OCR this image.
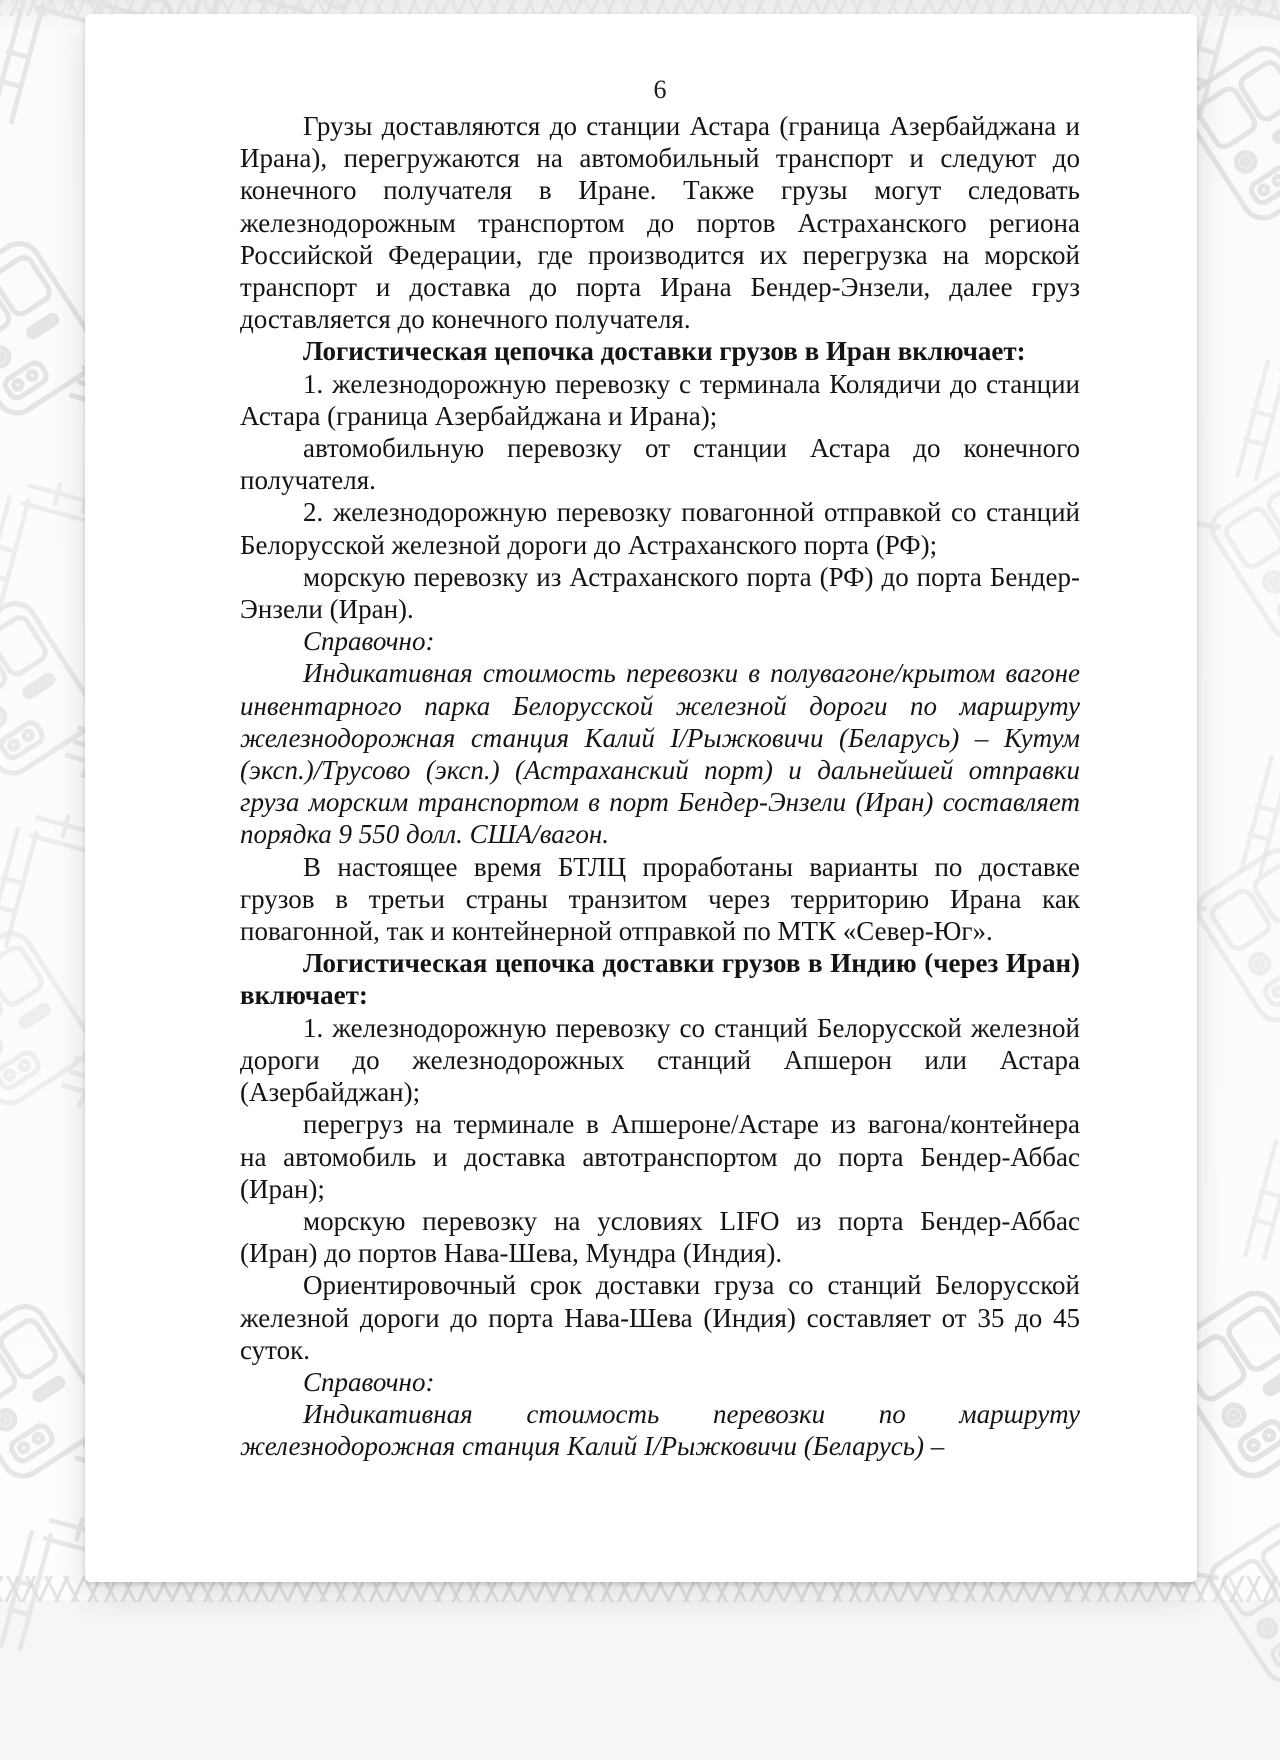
6

Грузы доставляются до станции Астара (граница Азербайджана и Ирана), перегружаются на автомобильный транспорт и следуют до конечного получателя в Иране. Также грузы могут следовать железнодорожным транспортом до портов Астраханского региона Российской Федерации, где производится их перегрузка на морской транспорт и доставка до порта Ирана Бендер-Энзели, далее груз доставляется до конечного получателя.

Логистическая цепочка доставки грузов в Иран включает:

1. железнодорожную перевозку с терминала Колядичи до станции Астара (граница Азербайджана и Ирана);

автомобильную перевозку от станции Астара до конечного получателя.

2. железнодорожную перевозку повагонной отправкой со станций Белорусской железной дороги до Астраханского порта (РФ);

морскую перевозку из Астраханского порта (РФ) до порта Бендер-Энзели (Иран).

Справочно:

Индикативная стоимость перевозки в полувагоне/крытом вагоне инвентарного парка Белорусской железной дороги по маршруту железнодорожная станция Калий I/Рыжковичи (Беларусь) – Кутум (эксп.)/Трусово (эксп.) (Астраханский порт) и дальнейшей отправки груза морским транспортом в порт Бендер-Энзели (Иран) составляет порядка 9 550 долл. США/вагон.

В настоящее время БТЛЦ проработаны варианты по доставке грузов в третьи страны транзитом через территорию Ирана как повагонной, так и контейнерной отправкой по МТК «Север-Юг».

Логистическая цепочка доставки грузов в Индию (через Иран) включает:

1. железнодорожную перевозку со станций Белорусской железной дороги до железнодорожных станций Апшерон или Астара (Азербайджан);

перегруз на терминале в Апшероне/Астаре из вагона/контейнера на автомобиль и доставка автотранспортом до порта Бендер-Аббас (Иран);

морскую перевозку на условиях LIFO из порта Бендер-Аббас (Иран) до портов Нава-Шева, Мундра (Индия).

Ориентировочный срок доставки груза со станций Белорусской железной дороги до порта Нава-Шева (Индия) составляет от 35 до 45 суток.

Справочно:

Индикативная стоимость перевозки по маршруту железнодорожная станция Калий I/Рыжковичи (Беларусь) –
